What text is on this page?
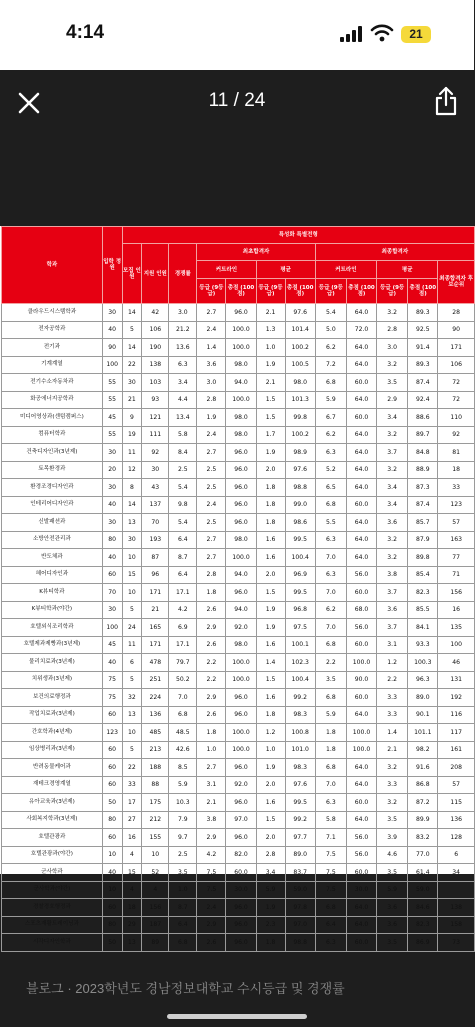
4:14	21
11 / 24
학과	입학 정원	특성화 특별전형											
		모집 인원	지원 인원	경쟁률	최초합격자				최종합격자				
					커트라인		평균		커트라인		평균		최종합격자 후보순위
					등급 (9등급)	총점 (100점)	등급 (9등급)	총점 (100점)	등급 (9등급)	총점 (100점)	등급 (9등급)	총점 (100점)	
클라우드시스템학과	30	14	42	3.0	2.7	96.0	2.1	97.6	5.4	64.0	3.2	89.3	28
전자공학과	40	5	106	21.2	2.4	100.0	1.3	101.4	5.0	72.0	2.8	92.5	90
전기과	90	14	190	13.6	1.4	100.0	1.0	100.2	6.2	64.0	3.0	91.4	171
기계계열	100	22	138	6.3	3.6	98.0	1.9	100.5	7.2	64.0	3.2	89.3	106
전기수소자동차과	55	30	103	3.4	3.0	94.0	2.1	98.0	6.8	60.0	3.5	87.4	72
화공에너지공학과	55	21	93	4.4	2.8	100.0	1.5	101.3	5.9	64.0	2.9	92.4	72
미디어영상과(센텀캠퍼스)	45	9	121	13.4	1.9	98.0	1.5	99.8	6.7	60.0	3.4	88.6	110
컴퓨터학과	55	19	111	5.8	2.4	98.0	1.7	100.2	6.2	64.0	3.2	89.7	92
건축디자인과(3년제)	30	11	92	8.4	2.7	96.0	1.9	98.9	6.3	64.0	3.7	84.8	81
토목환경과	20	12	30	2.5	2.5	96.0	2.0	97.6	5.2	64.0	3.2	88.9	18
환경조경디자인과	30	8	43	5.4	2.5	96.0	1.8	98.8	6.5	64.0	3.4	87.3	33
인테리어디자인과	40	14	137	9.8	2.4	96.0	1.8	99.0	6.8	60.0	3.4	87.4	123
신발패션과	30	13	70	5.4	2.5	96.0	1.8	98.6	5.5	64.0	3.6	85.7	57
소방안전관리과	80	30	193	6.4	2.7	98.0	1.6	99.5	6.3	64.0	3.2	87.9	163
반도체과	40	10	87	8.7	2.7	100.0	1.6	100.4	7.0	64.0	3.2	89.8	77
헤어디자인과	60	15	96	6.4	2.8	94.0	2.0	96.9	6.3	56.0	3.8	85.4	71
K뷰티학과	70	10	171	17.1	1.8	96.0	1.5	99.5	7.0	60.0	3.7	82.3	156
K뷰티학과(야간)	30	5	21	4.2	2.6	94.0	1.9	96.8	6.2	68.0	3.6	85.5	16
호텔외식조리학과	100	24	165	6.9	2.9	92.0	1.9	97.5	7.0	56.0	3.7	84.1	135
호텔제과제빵과(3년제)	45	11	171	17.1	2.6	98.0	1.6	100.1	6.8	60.0	3.1	93.3	100
물리치료과(3년제)	40	6	478	79.7	2.2	100.0	1.4	102.3	2.2	100.0	1.2	100.3	46
치위생과(3년제)	75	5	251	50.2	2.2	100.0	1.5	100.4	3.5	90.0	2.2	96.3	131
보건의료행정과	75	32	224	7.0	2.9	96.0	1.6	99.2	6.8	60.0	3.3	89.0	192
작업치료과(3년제)	60	13	136	6.8	2.6	96.0	1.8	98.3	5.9	64.0	3.3	90.1	116
간호학과(4년제)	123	10	485	48.5	1.8	100.0	1.2	100.8	1.8	100.0	1.4	101.1	117
임상병리과(3년제)	60	5	213	42.6	1.0	100.0	1.0	101.0	1.8	100.0	2.1	98.2	161
반려동물케어과	60	22	188	8.5	2.7	96.0	1.9	98.3	6.8	64.0	3.2	91.6	208
재테크경영계열	60	33	88	5.9	3.1	92.0	2.0	97.6	7.0	64.0	3.3	86.8	57
유아교육과(3년제)	50	17	175	10.3	2.1	96.0	1.6	99.5	6.3	60.0	3.2	87.2	115
사회복지학과(3년제)	80	27	212	7.9	3.8	97.0	1.5	99.2	5.8	64.0	3.5	89.9	136
호텔관광과	60	16	155	9.7	2.9	96.0	2.0	97.7	7.1	56.0	3.9	83.2	128
호텔관광과(야간)	10	4	10	2.5	4.2	82.0	2.8	89.0	7.5	56.0	4.6	77.0	6
군사학과	40	15	52	3.5	7.5	60.0	3.4	83.7	7.5	60.0	3.5	61.4	34
군사학과(야간)	10	4	4	1.0	7.5	30.0	5.9	59.0	7.5	30.0	5.9	59.0	
경찰경호행정과	60	18	156	8.7	2.4	96.0	1.9	97.8	6.8	64.0	3.6	84.6	138
스포츠재활트레이닝과	80	29	187	6.4	2.9	96.0	2.3	97.0	6.4	64.0	3.6	82.3	158
시각디자인학과	50	13	89	6.8	2.6	96.0	1.8	98.8	6.3	60.0	3.5	86.9	73
블로그 · 2023학년도 경남정보대학교 수시등급 및 경쟁률
